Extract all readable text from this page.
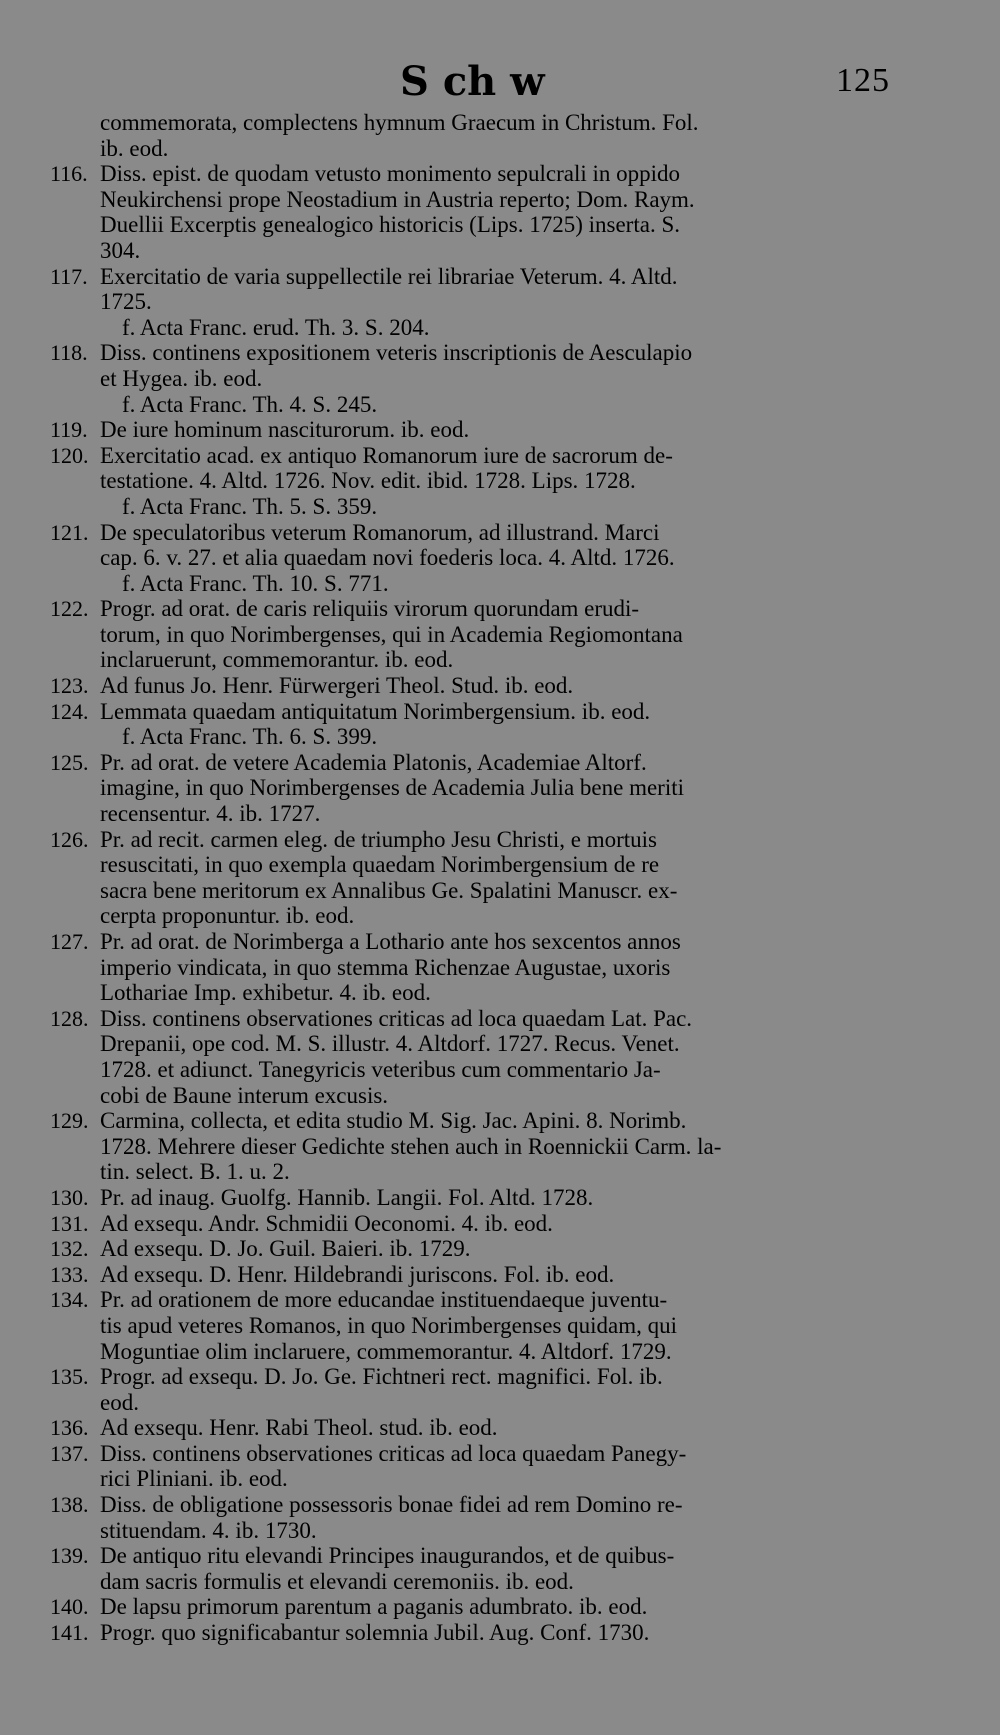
S ch w	125
commemorata, complectens hymnum Graecum in Christum. Fol.
ib. eod.
116. Diss. epist. de quodam vetusto monimento sepulcrali in oppido
Neukirchensi prope Neostadium in Austria reperto; Dom. Raym.
Duellii Excerptis genealogico historicis (Lips. 1725) inserta. S.
304.
117. Exercitatio de varia suppellectile rei librariae Veterum. 4. Altd.
1725.
f. Acta Franc. erud. Th. 3. S. 204.
118. Diss. continens expositionem veteris inscriptionis de Aesculapio
et Hygea. ib. eod.
f. Acta Franc. Th. 4. S. 245.
119. De iure hominum nasciturorum. ib. eod.
120. Exercitatio acad. ex antiquo Romanorum iure de sacrorum de-
testatione. 4. Altd. 1726. Nov. edit. ibid. 1728. Lips. 1728.
f. Acta Franc. Th. 5. S. 359.
121. De speculatoribus veterum Romanorum, ad illustrand. Marci
cap. 6. v. 27. et alia quaedam novi foederis loca. 4. Altd. 1726.
f. Acta Franc. Th. 10. S. 771.
122. Progr. ad orat. de caris reliquiis virorum quorundam erudi-
torum, in quo Norimbergenses, qui in Academia Regiomontana
inclaruerunt, commemorantur. ib. eod.
123. Ad funus Jo. Henr. Fürwergeri Theol. Stud. ib. eod.
124. Lemmata quaedam antiquitatum Norimbergensium. ib. eod.
f. Acta Franc. Th. 6. S. 399.
125. Pr. ad orat. de vetere Academia Platonis, Academiae Altorf.
imagine, in quo Norimbergenses de Academia Julia bene meriti
recensentur. 4. ib. 1727.
126. Pr. ad recit. carmen eleg. de triumpho Jesu Christi, e mortuis
resuscitati, in quo exempla quaedam Norimbergensium de re
sacra bene meritorum ex Annalibus Ge. Spalatini Manuscr. ex-
cerpta proponuntur. ib. eod.
127. Pr. ad orat. de Norimberga a Lothario ante hos sexcentos annos
imperio vindicata, in quo stemma Richenzae Augustae, uxoris
Lothariae Imp. exhibetur. 4. ib. eod.
128. Diss. continens observationes criticas ad loca quaedam Lat. Pac.
Drepanii, ope cod. M. S. illustr. 4. Altdorf. 1727. Recus. Venet.
1728. et adiunct. Tanegyricis veteribus cum commentario Ja-
cobi de Baune interum excusis.
129. Carmina, collecta, et edita studio M. Sig. Jac. Apini. 8. Norimb.
1728. Mehrere dieser Gedichte stehen auch in Roennickii Carm. la-
tin. select. B. 1. u. 2.
130. Pr. ad inaug. Guolfg. Hannib. Langii. Fol. Altd. 1728.
131. Ad exsequ. Andr. Schmidii Oeconomi. 4. ib. eod.
132. Ad exsequ. D. Jo. Guil. Baieri. ib. 1729.
133. Ad exsequ. D. Henr. Hildebrandi juriscons. Fol. ib. eod.
134. Pr. ad orationem de more educandae instituendaeque juventu-
tis apud veteres Romanos, in quo Norimbergenses quidam, qui
Moguntiae olim inclaruere, commemorantur. 4. Altdorf. 1729.
135. Progr. ad exsequ. D. Jo. Ge. Fichtneri rect. magnifici. Fol. ib.
eod.
136. Ad exsequ. Henr. Rabi Theol. stud. ib. eod.
137. Diss. continens observationes criticas ad loca quaedam Panegy-
rici Pliniani. ib. eod.
138. Diss. de obligatione possessoris bonae fidei ad rem Domino re-
stituendam. 4. ib. 1730.
139. De antiquo ritu elevandi Principes inaugurandos, et de quibus-
dam sacris formulis et elevandi ceremoniis. ib. eod.
140. De lapsu primorum parentum a paganis adumbrato. ib. eod.
141. Progr. quo significabantur solemnia Jubil. Aug. Conf. 1730.
